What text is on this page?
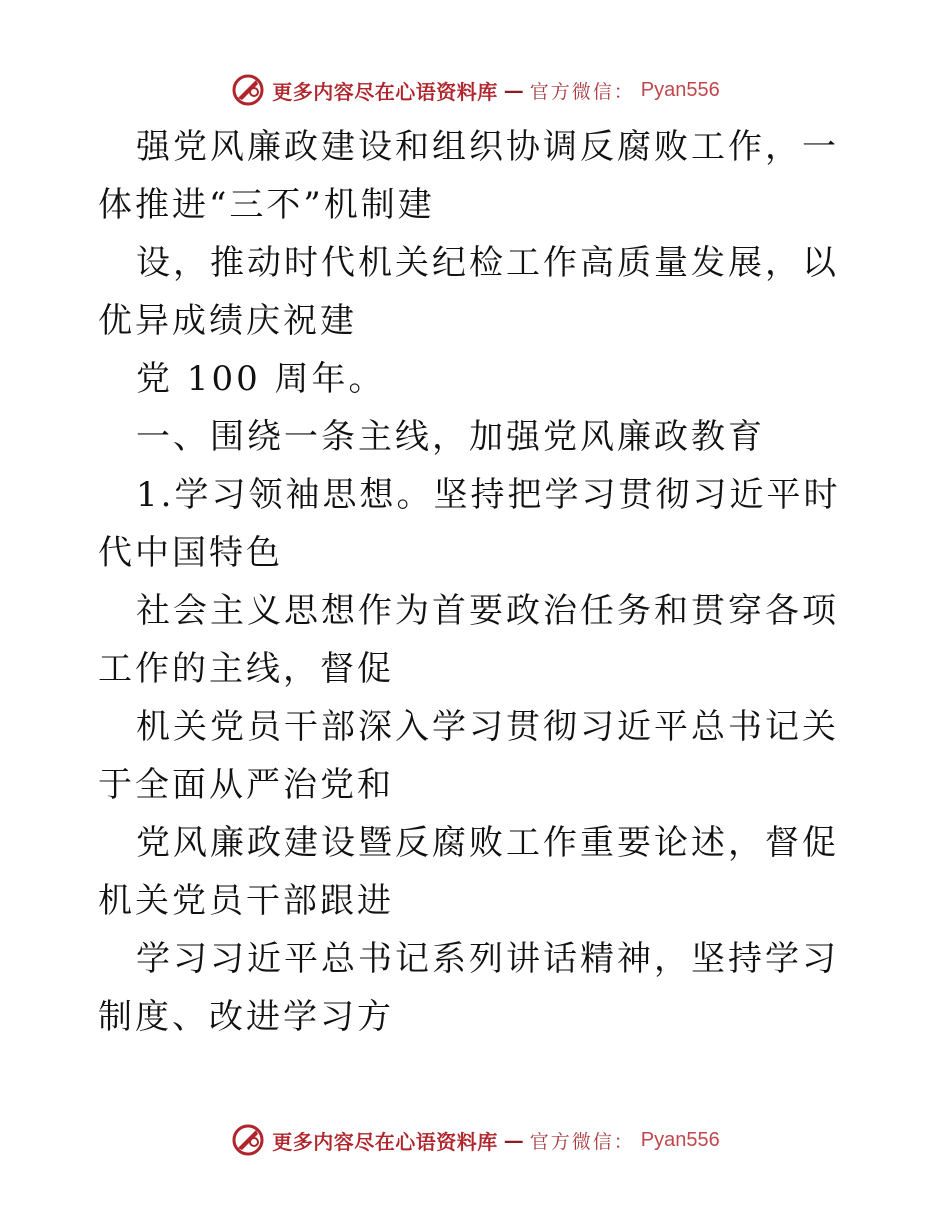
更多内容尽在心语资料库 — 官方微信： Pyan556

强党风廉政建设和组织协调反腐败工作，一体推进“三不”机制建

设，推动时代机关纪检工作高质量发展，以优异成绩庆祝建

党 100 周年。

一、围绕一条主线，加强党风廉政教育

1.学习领袖思想。坚持把学习贯彻习近平时代中国特色

社会主义思想作为首要政治任务和贯穿各项工作的主线，督促

机关党员干部深入学习贯彻习近平总书记关于全面从严治党和

党风廉政建设暨反腐败工作重要论述，督促机关党员干部跟进

学习习近平总书记系列讲话精神，坚持学习制度、改进学习方

更多内容尽在心语资料库 — 官方微信： Pyan556
